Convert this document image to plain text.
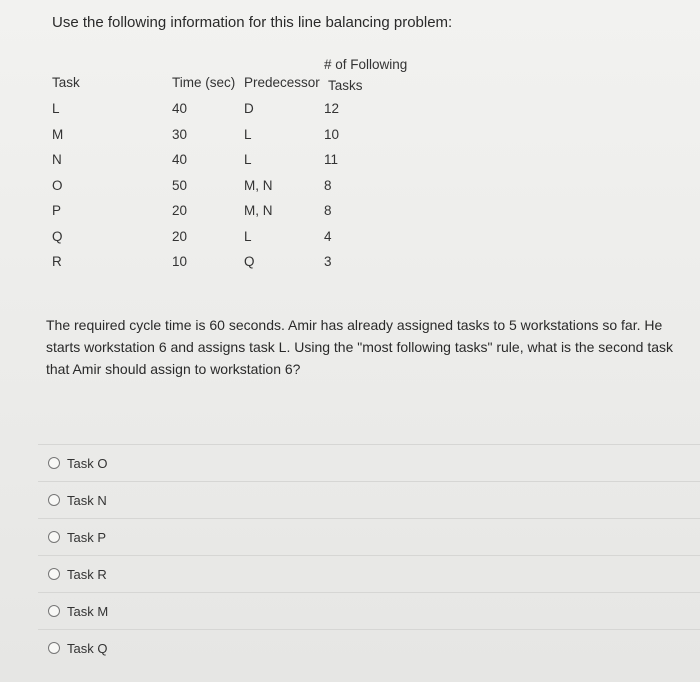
Use the following information for this line balancing problem:
Task	Time (sec)	Predecessor	# of Following
Tasks

L	40	D	12
M	30	L	10
N	40	L	11
O	50	M, N	8
P	20	M, N	8
Q	20	L	4
R	10	Q	3
The required cycle time is 60 seconds. Amir has already assigned tasks to 5 workstations so far. He starts workstation 6 and assigns task L. Using the "most following tasks" rule, what is the second task that Amir should assign to workstation 6?
Task O
Task N
Task P
Task R
Task M
Task Q
